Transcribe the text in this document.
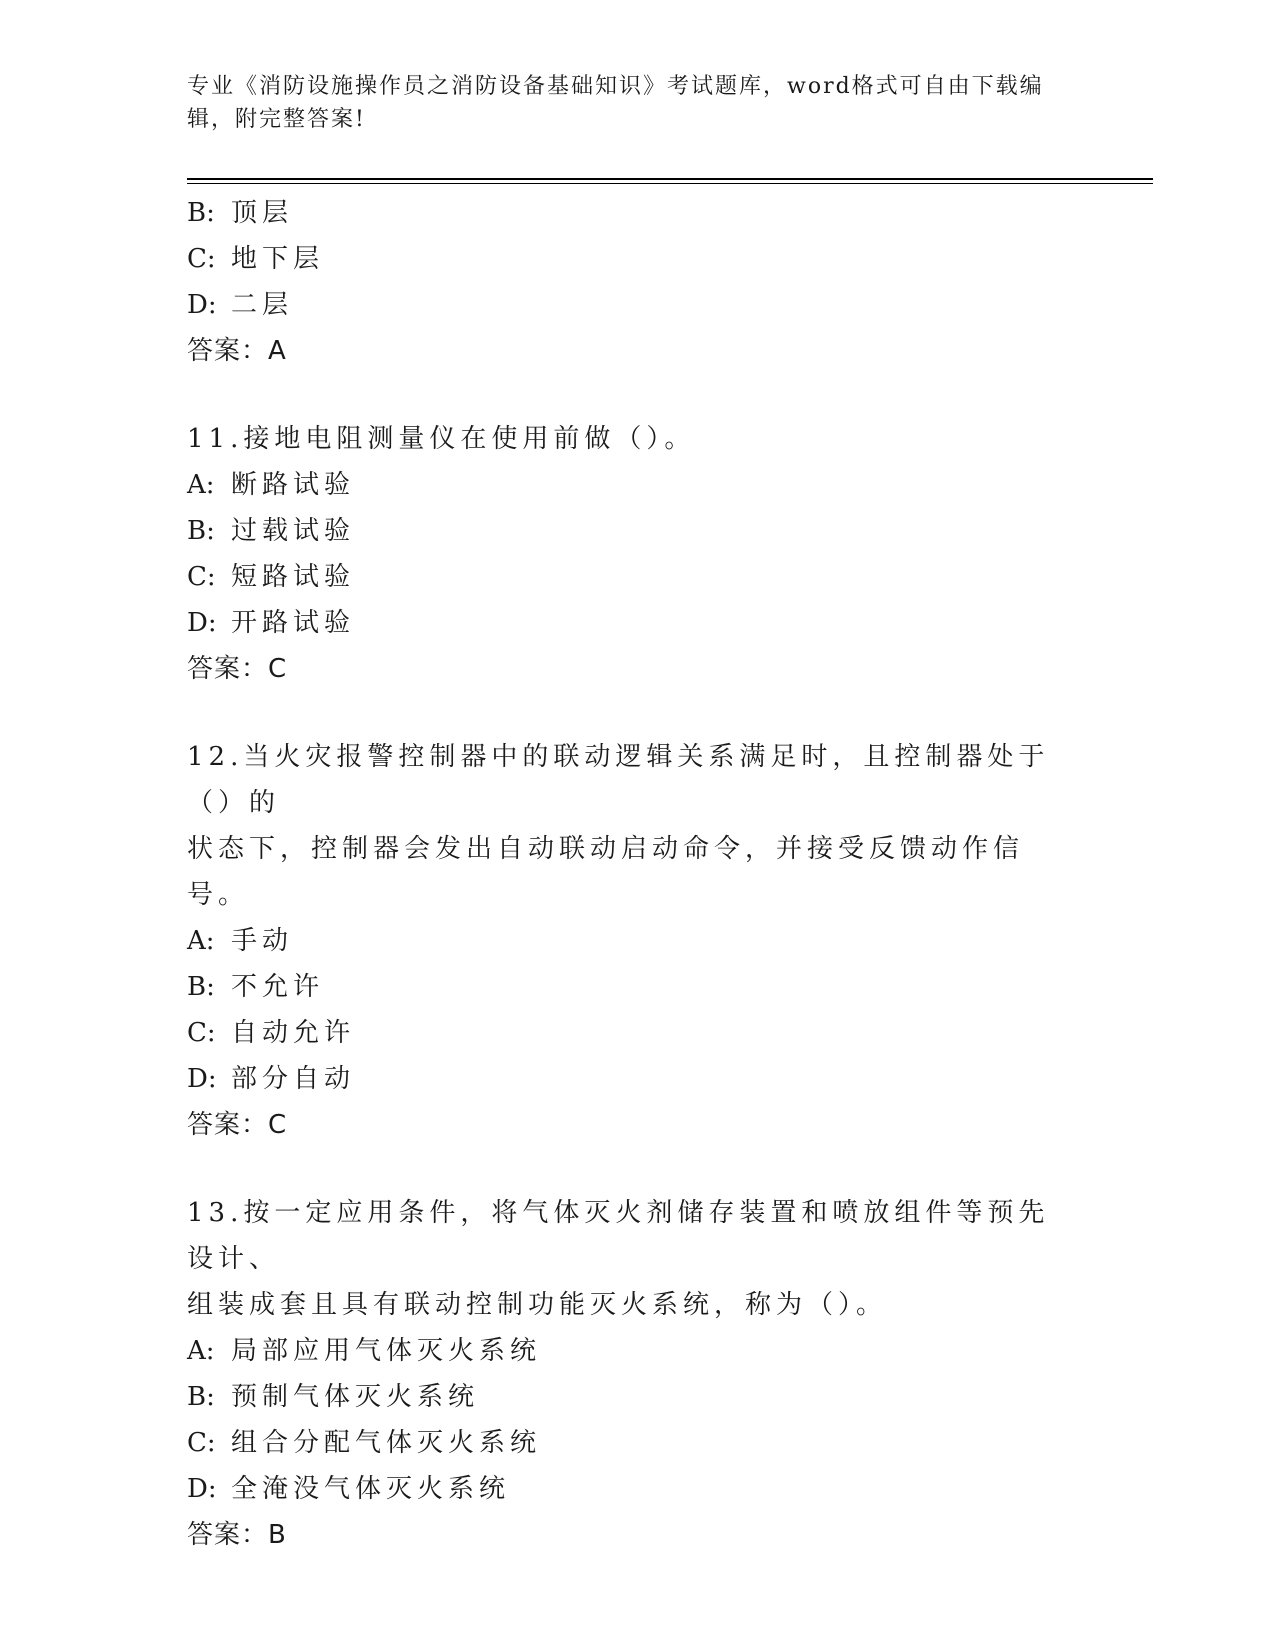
专业《消防设施操作员之消防设备基础知识》考试题库，word格式可自由下载编
辑，附完整答案!
B: 顶层
C: 地下层
D: 二层
答案：A
11.接地电阻测量仪在使用前做（）。
A: 断路试验
B: 过载试验
C: 短路试验
D: 开路试验
答案：C
12.当火灾报警控制器中的联动逻辑关系满足时，且控制器处于（）的
状态下，控制器会发出自动联动启动命令，并接受反馈动作信号。
A: 手动
B: 不允许
C: 自动允许
D: 部分自动
答案：C
13.按一定应用条件，将气体灭火剂储存装置和喷放组件等预先设计、
组装成套且具有联动控制功能灭火系统，称为（）。
A: 局部应用气体灭火系统
B: 预制气体灭火系统
C: 组合分配气体灭火系统
D: 全淹没气体灭火系统
答案：B
